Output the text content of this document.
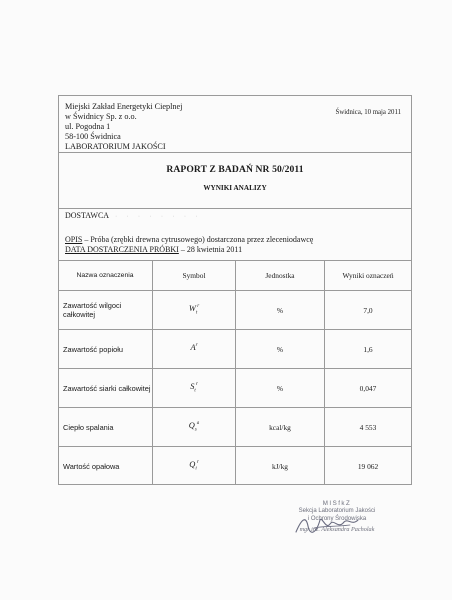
Miejski Zakład Energetyki Cieplnej
w Świdnicy Sp. z o.o.
ul. Pogodna 1
58-100 Świdnica
LABORATORIUM JAKOŚCI
Świdnica, 10 maja 2011
RAPORT Z BADAŃ NR 50/2011
WYNIKI ANALIZY
DOSTAWCA · · · · · · · ·
OPIS – Próba (zrębki drewna cytrusowego) dostarczona przez zleceniodawcę
DATA DOSTARCZENIA PRÓBKI – 28 kwietnia 2011
Nazwa oznaczenia	Symbol	Jednostka	Wyniki oznaczeń
Zawartość wilgoci całkowitej	$W_t^r$	%	7,0
Zawartość popiołu	$A^r$	%	1,6
Zawartość siarki całkowitej	$S_t^r$	%	0,047
Ciepło spalania	$Q_s^a$	kcal/kg	4 553
Wartość opałowa	$Q_i^r$	kJ/kg	19 062
MISfkZ
Sekcja Laboratorium Jakości
i Ochrony Środowiska
mgr inż. Aleksandra Pacholak
